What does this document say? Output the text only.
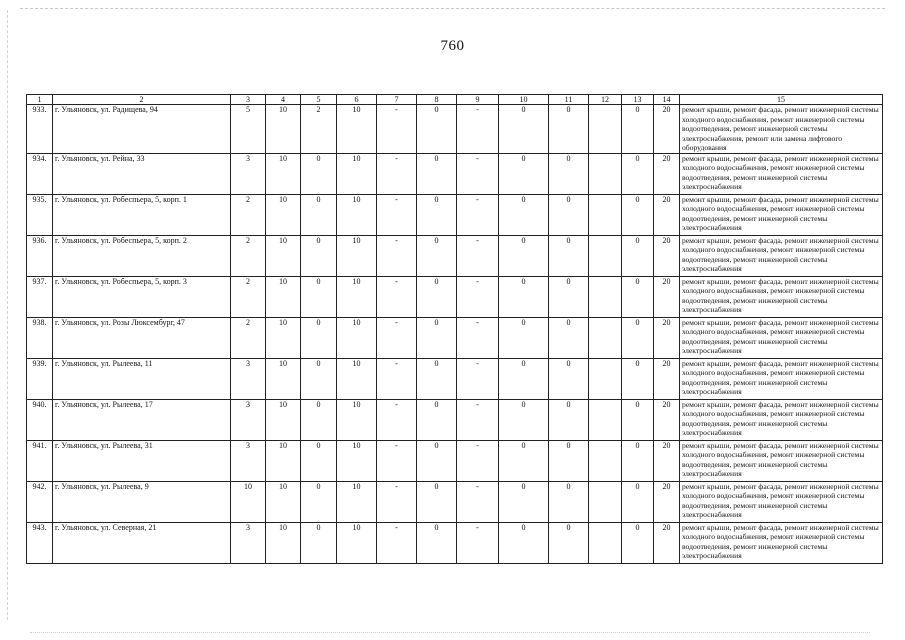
760
1	2	3	4	5	6	7	8	9	10	11	12	13	14	15
933.	г. Ульяновск, ул. Радищева, 94	5	10	2	10	-	0	-	0	0		0	20	ремонт крыши, ремонт фасада, ремонт инженерной системы холодного водоснабжения, ремонт инженерной системы водоотведения, ремонт инженерной системы электроснабжения, ремонт или замена лифтового оборудования
934.	г. Ульяновск, ул. Рейна, 33	3	10	0	10	-	0	-	0	0		0	20	ремонт крыши, ремонт фасада, ремонт инженерной системы холодного водоснабжения, ремонт инженерной системы водоотведения, ремонт инженерной системы электроснабжения
935.	г. Ульяновск, ул. Робеспьера, 5, корп. 1	2	10	0	10	-	0	-	0	0		0	20	ремонт крыши, ремонт фасада, ремонт инженерной системы холодного водоснабжения, ремонт инженерной системы водоотведения, ремонт инженерной системы электроснабжения
936.	г. Ульяновск, ул. Робеспьера, 5, корп. 2	2	10	0	10	-	0	-	0	0		0	20	ремонт крыши, ремонт фасада, ремонт инженерной системы холодного водоснабжения, ремонт инженерной системы водоотведения, ремонт инженерной системы электроснабжения
937.	г. Ульяновск, ул. Робеспьера, 5, корп. 3	2	10	0	10	-	0	-	0	0		0	20	ремонт крыши, ремонт фасада, ремонт инженерной системы холодного водоснабжения, ремонт инженерной системы водоотведения, ремонт инженерной системы электроснабжения
938.	г. Ульяновск, ул. Розы Люксембург, 47	2	10	0	10	-	0	-	0	0		0	20	ремонт крыши, ремонт фасада, ремонт инженерной системы холодного водоснабжения, ремонт инженерной системы водоотведения, ремонт инженерной системы электроснабжения
939.	г. Ульяновск, ул. Рылеева, 11	3	10	0	10	-	0	-	0	0		0	20	ремонт крыши, ремонт фасада, ремонт инженерной системы холодного водоснабжения, ремонт инженерной системы водоотведения, ремонт инженерной системы электроснабжения
940.	г. Ульяновск, ул. Рылеева, 17	3	10	0	10	-	0	-	0	0		0	20	ремонт крыши, ремонт фасада, ремонт инженерной системы холодного водоснабжения, ремонт инженерной системы водоотведения, ремонт инженерной системы электроснабжения
941.	г. Ульяновск, ул. Рылеева, 31	3	10	0	10	-	0	-	0	0		0	20	ремонт крыши, ремонт фасада, ремонт инженерной системы холодного водоснабжения, ремонт инженерной системы водоотведения, ремонт инженерной системы электроснабжения
942.	г. Ульяновск, ул. Рылеева, 9	10	10	0	10	-	0	-	0	0		0	20	ремонт крыши, ремонт фасада, ремонт инженерной системы холодного водоснабжения, ремонт инженерной системы водоотведения, ремонт инженерной системы электроснабжения
943.	г. Ульяновск, ул. Северная, 21	3	10	0	10	-	0	-	0	0		0	20	ремонт крыши, ремонт фасада, ремонт инженерной системы холодного водоснабжения, ремонт инженерной системы водоотведения, ремонт инженерной системы электроснабжения
